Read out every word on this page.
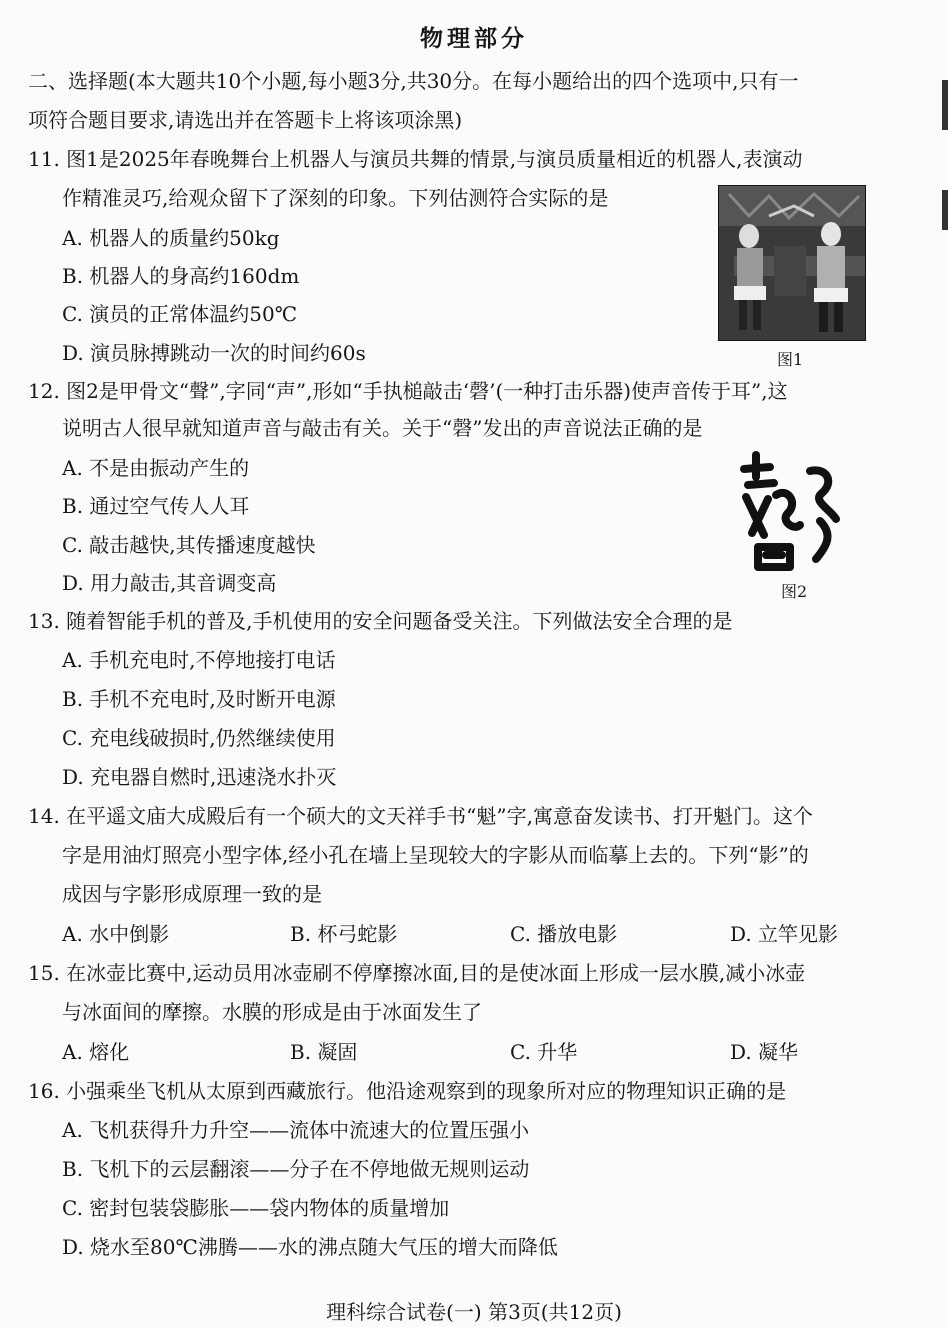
物理部分
二、选择题(本大题共10个小题,每小题3分,共30分。在每小题给出的四个选项中,只有一
项符合题目要求,请选出并在答题卡上将该项涂黑)
11. 图1是2025年春晚舞台上机器人与演员共舞的情景,与演员质量相近的机器人,表演动
作精准灵巧,给观众留下了深刻的印象。下列估测符合实际的是
A. 机器人的质量约50kg
B. 机器人的身高约160dm
C. 演员的正常体温约50℃
D. 演员脉搏跳动一次的时间约60s	图1
12. 图2是甲骨文“聲”,字同“声”,形如“手执槌敲击‘磬’(一种打击乐器)使声音传于耳”,这
说明古人很早就知道声音与敲击有关。关于“磬”发出的声音说法正确的是
A. 不是由振动产生的
B. 通过空气传人人耳
C. 敲击越快,其传播速度越快
D. 用力敲击,其音调变高	图2
13. 随着智能手机的普及,手机使用的安全问题备受关注。下列做法安全合理的是
A. 手机充电时,不停地接打电话
B. 手机不充电时,及时断开电源
C. 充电线破损时,仍然继续使用
D. 充电器自燃时,迅速浇水扑灭
14. 在平遥文庙大成殿后有一个硕大的文天祥手书“魁”字,寓意奋发读书、打开魁门。这个
字是用油灯照亮小型字体,经小孔在墙上呈现较大的字影从而临摹上去的。下列“影”的
成因与字影形成原理一致的是
A. 水中倒影	B. 杯弓蛇影	C. 播放电影	D. 立竿见影
15. 在冰壶比赛中,运动员用冰壶刷不停摩擦冰面,目的是使冰面上形成一层水膜,减小冰壶
与冰面间的摩擦。水膜的形成是由于冰面发生了
A. 熔化	B. 凝固	C. 升华	D. 凝华
16. 小强乘坐飞机从太原到西藏旅行。他沿途观察到的现象所对应的物理知识正确的是
A. 飞机获得升力升空——流体中流速大的位置压强小
B. 飞机下的云层翻滚——分子在不停地做无规则运动
C. 密封包装袋膨胀——袋内物体的质量增加
D. 烧水至80℃沸腾——水的沸点随大气压的增大而降低
理科综合试卷(一) 第3页(共12页)
